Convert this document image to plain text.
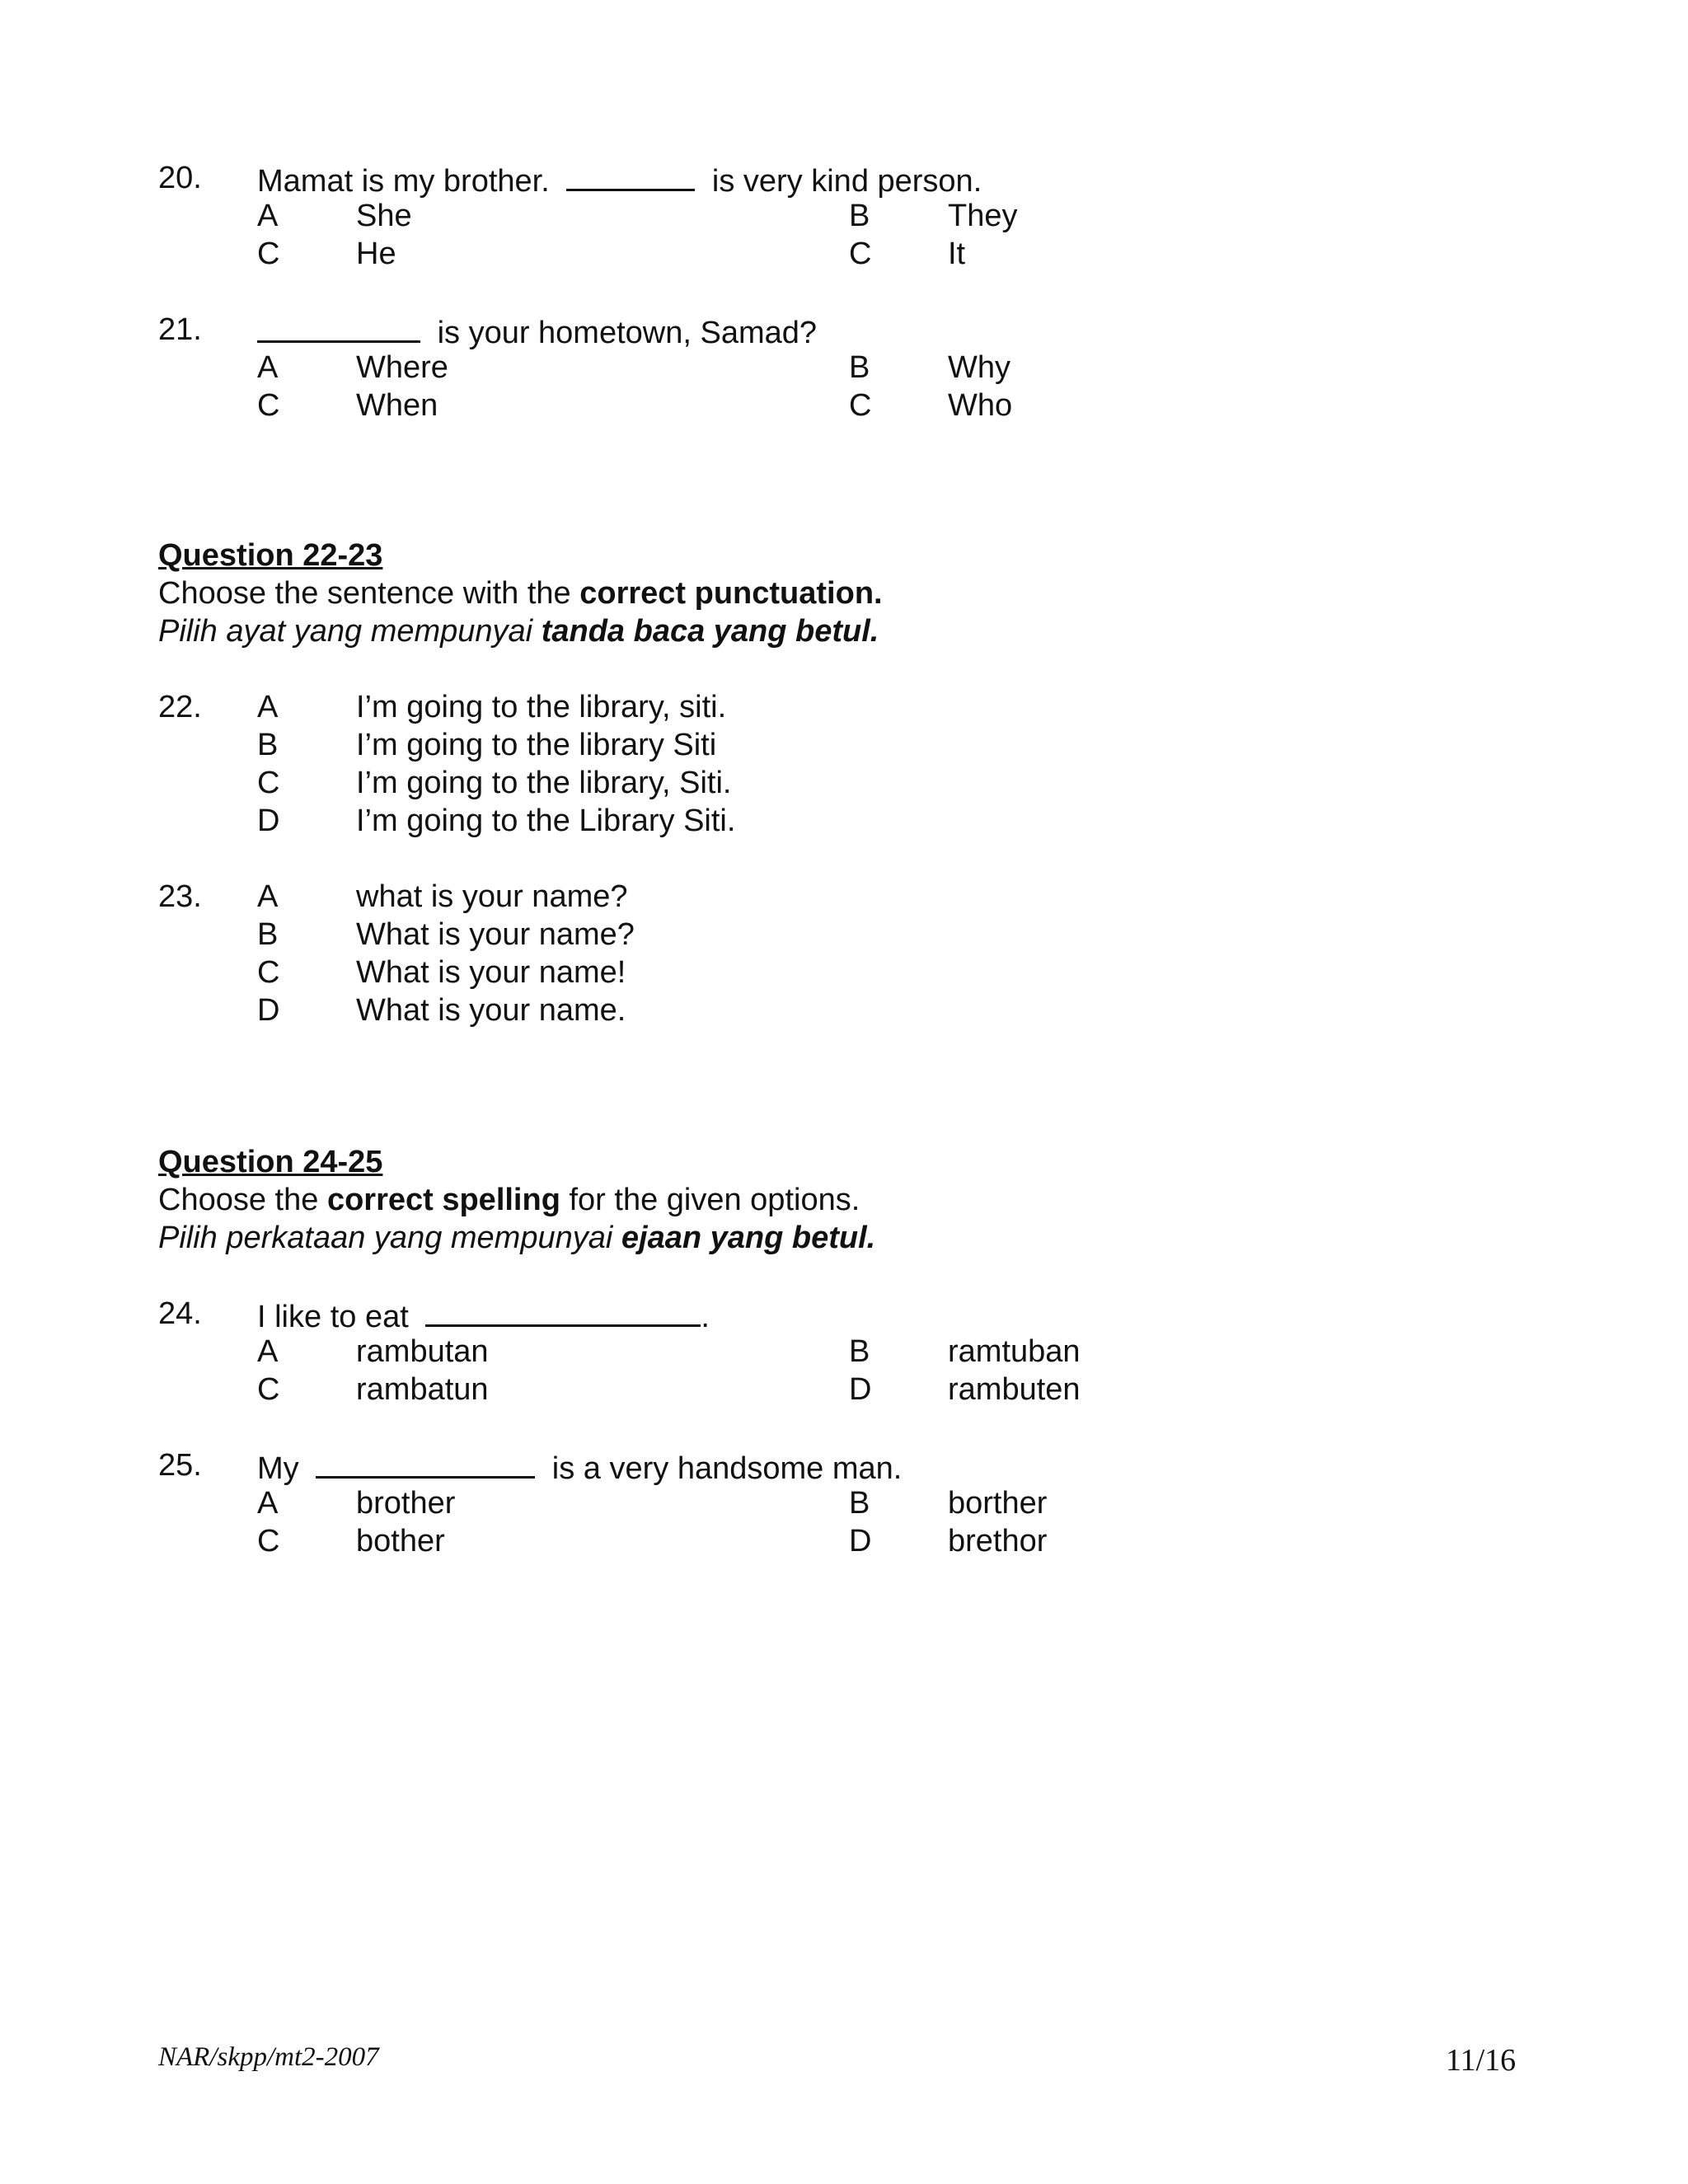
20. Mamat is my brother.	is very kind person.
A She	B They
C He	C It
21.	is your hometown, Samad?
A Where	B Why
C When	C Who
Question 22-23
Choose the sentence with the correct punctuation.
Pilih ayat yang mempunyai tanda baca yang betul.
22. A I’m going to the library, siti.
B I’m going to the library Siti
C I’m going to the library, Siti.
D I’m going to the Library Siti.
23. A what is your name?
B What is your name?
C What is your name!
D What is your name.
Question 24-25
Choose the correct spelling for the given options.
Pilih perkataan yang mempunyai ejaan yang betul.
24. I like to eat	.
A rambutan	B ramtuban
C rambatun	D rambuten
25. My	is a very handsome man.
A brother	B borther
C bother	D brethor
NAR/skpp/mt2-2007	11/16
